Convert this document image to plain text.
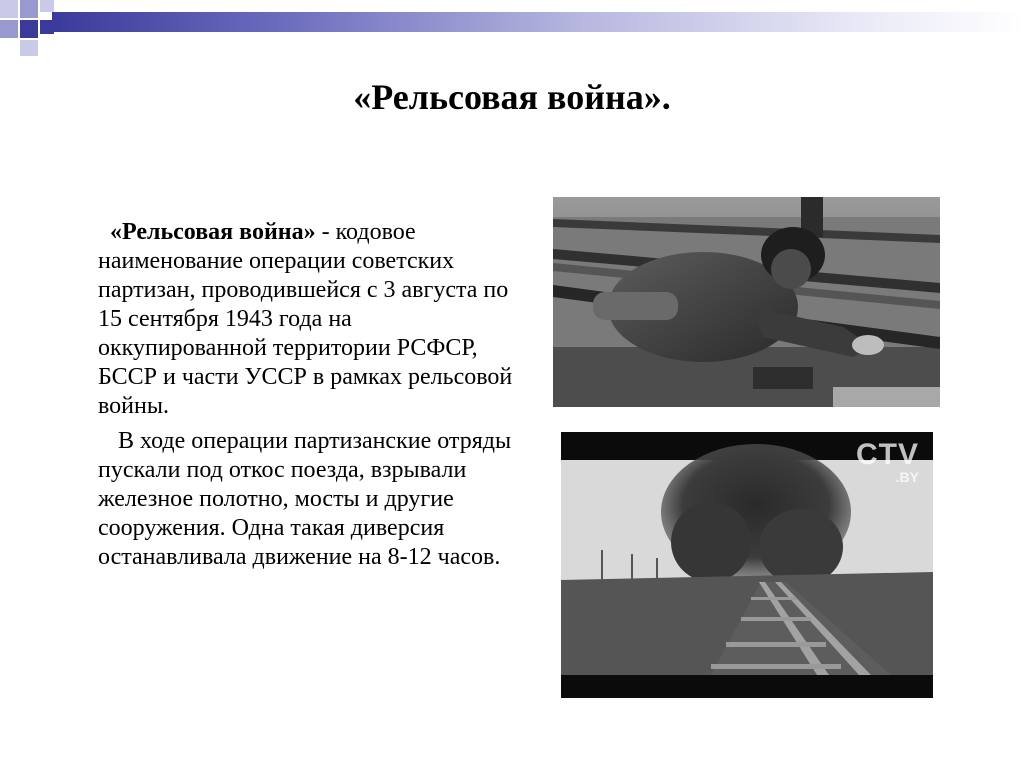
«Рельсовая война».

«Рельсовая война» - кодовое наименование операции советских партизан, проводившейся с 3 августа по 15 сентября 1943 года на оккупированной территории РСФСР, БССР и части УССР в рамках рельсовой войны.

В ходе операции партизанские отряды пускали под откос поезда, взрывали железное полотно, мосты и другие сооружения. Одна такая диверсия останавливала движение на 8-12 часов.

CTV
.BY
